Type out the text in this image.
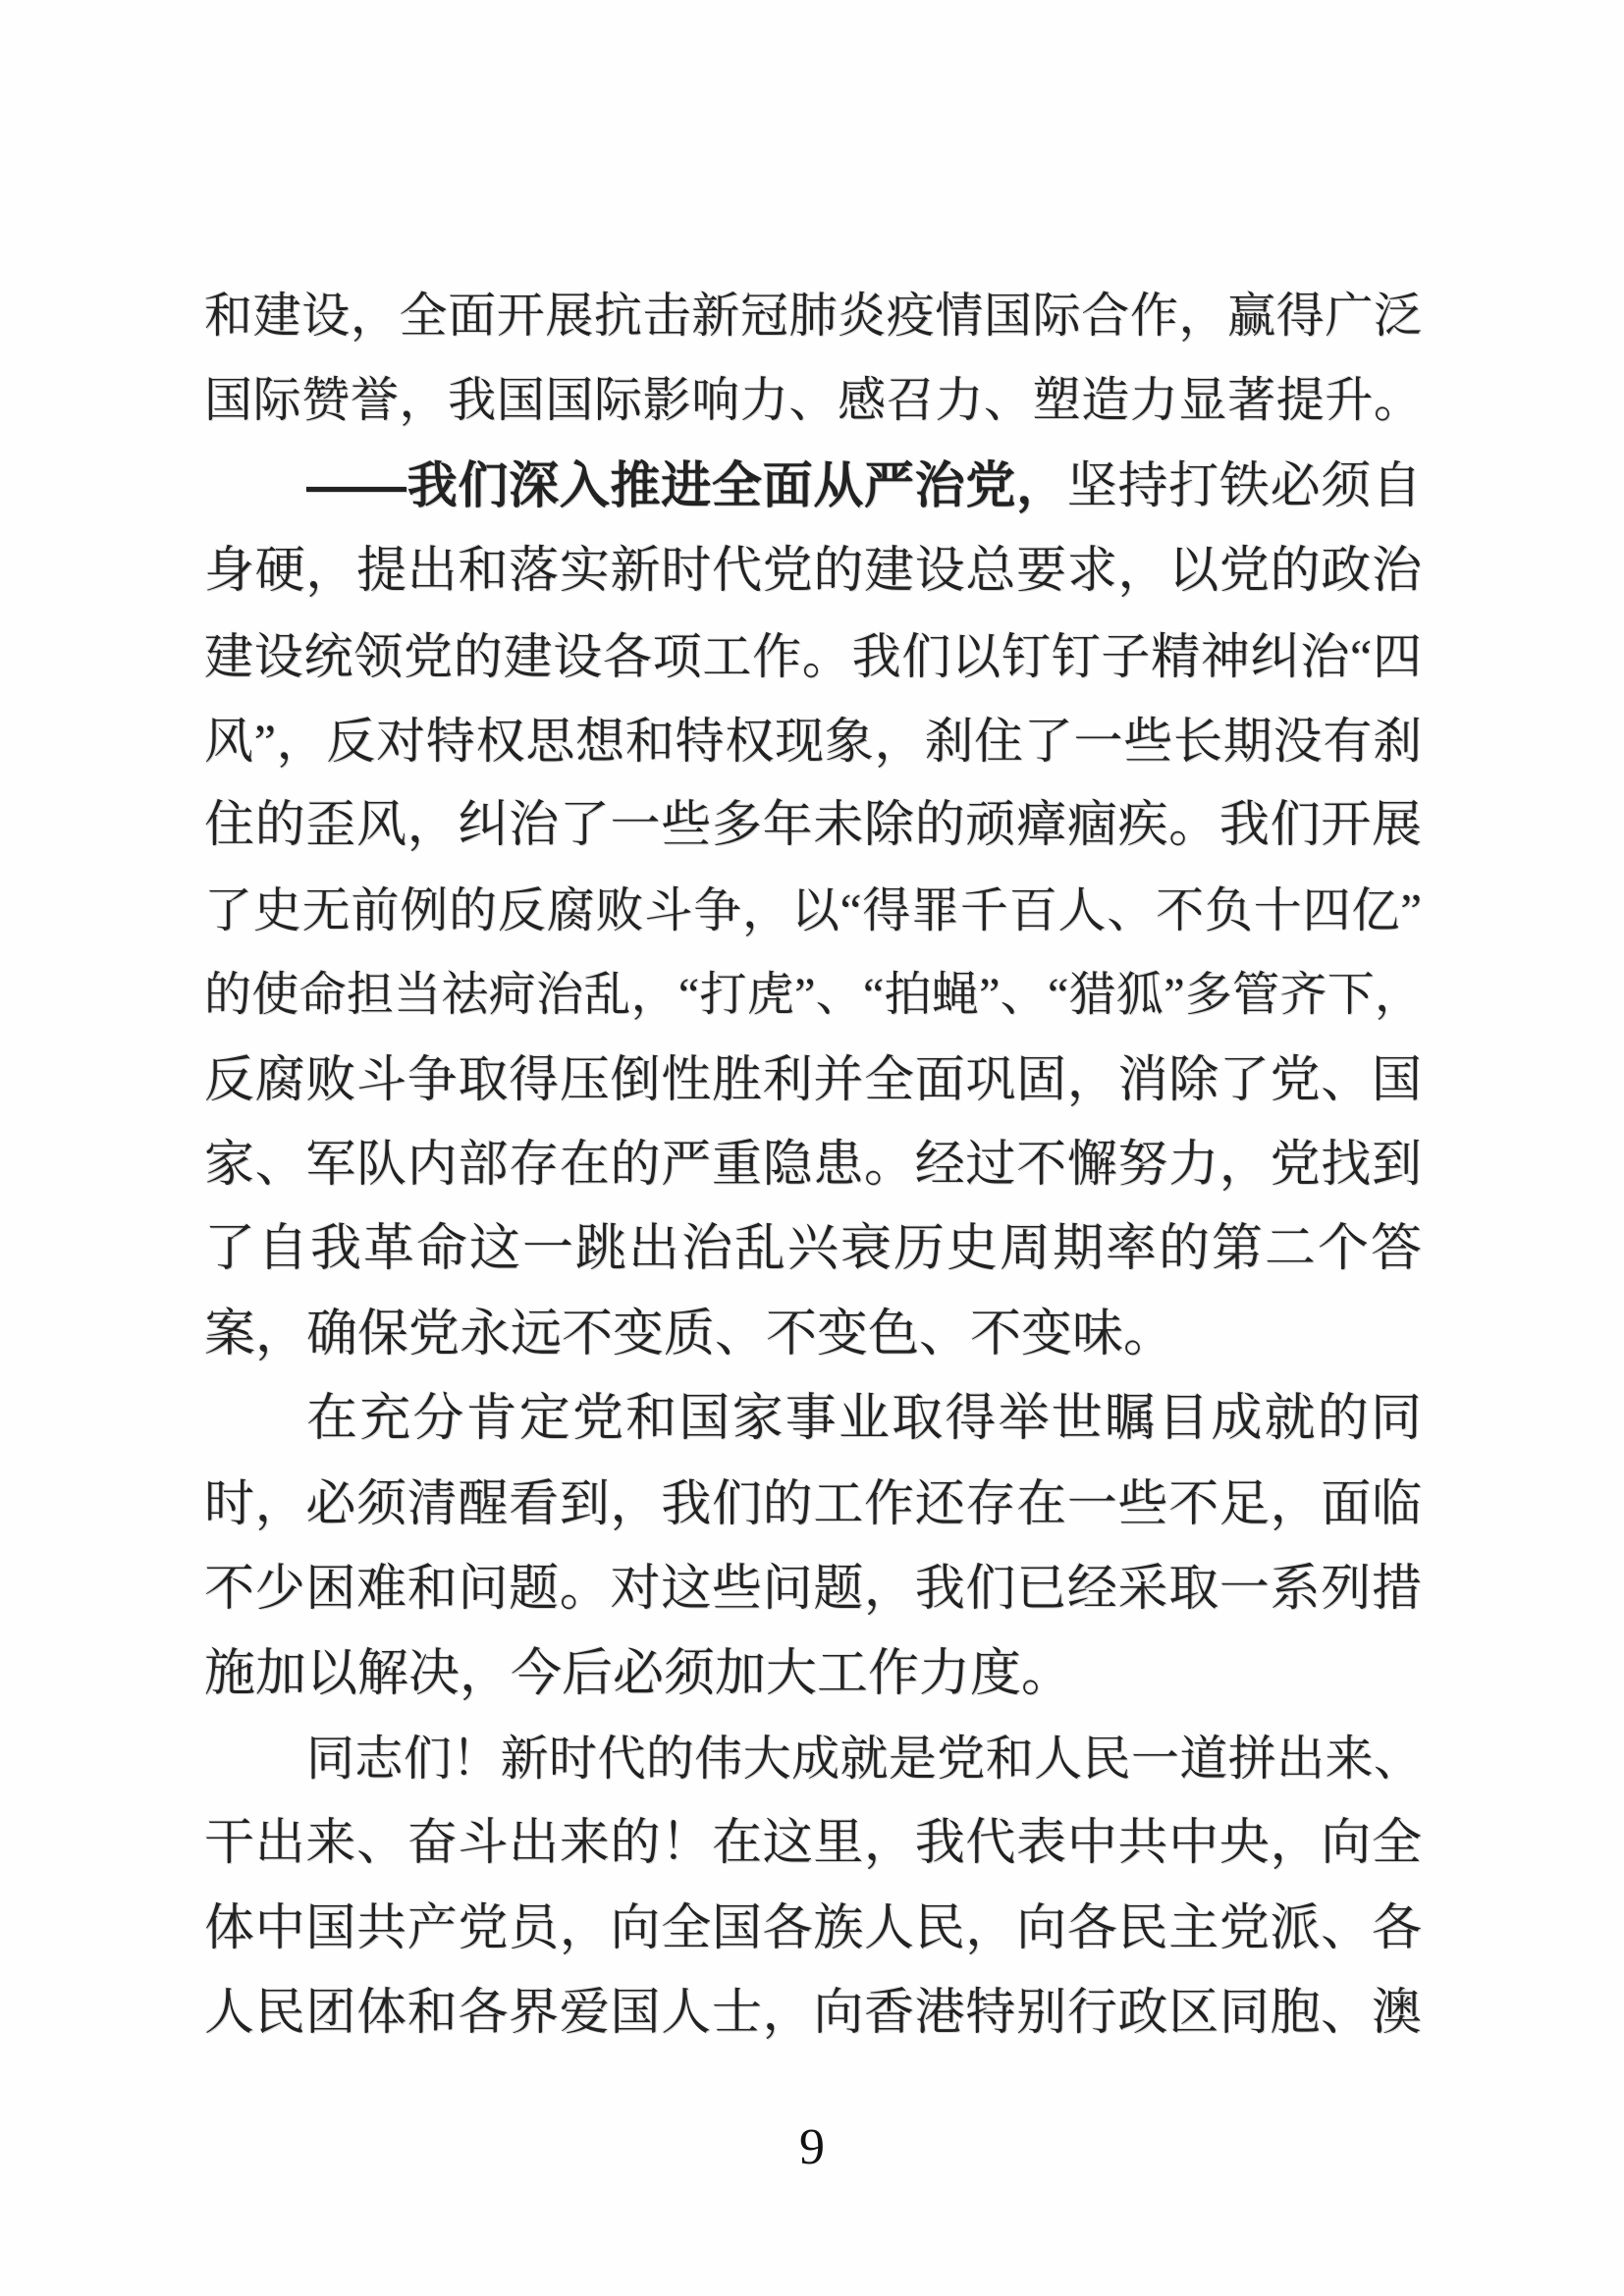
和建设，全面开展抗击新冠肺炎疫情国际合作，赢得广泛
国际赞誉，我国国际影响力、感召力、塑造力显著提升。
——我们深入推进全面从严治党，坚持打铁必须自
身硬，提出和落实新时代党的建设总要求，以党的政治
建设统领党的建设各项工作。我们以钉钉子精神纠治“四
风”，反对特权思想和特权现象，刹住了一些长期没有刹
住的歪风，纠治了一些多年未除的顽瘴痼疾。我们开展
了史无前例的反腐败斗争，以“得罪千百人、不负十四亿”
的使命担当祛疴治乱，“打虎”、“拍蝇”、“猎狐”多管齐下，
反腐败斗争取得压倒性胜利并全面巩固，消除了党、国
家、军队内部存在的严重隐患。经过不懈努力，党找到
了自我革命这一跳出治乱兴衰历史周期率的第二个答
案，确保党永远不变质、不变色、不变味。
在充分肯定党和国家事业取得举世瞩目成就的同
时，必须清醒看到，我们的工作还存在一些不足，面临
不少困难和问题。对这些问题，我们已经采取一系列措
施加以解决，今后必须加大工作力度。
同志们！新时代的伟大成就是党和人民一道拼出来、
干出来、奋斗出来的！在这里，我代表中共中央，向全
体中国共产党员，向全国各族人民，向各民主党派、各
人民团体和各界爱国人士，向香港特别行政区同胞、澳
9
